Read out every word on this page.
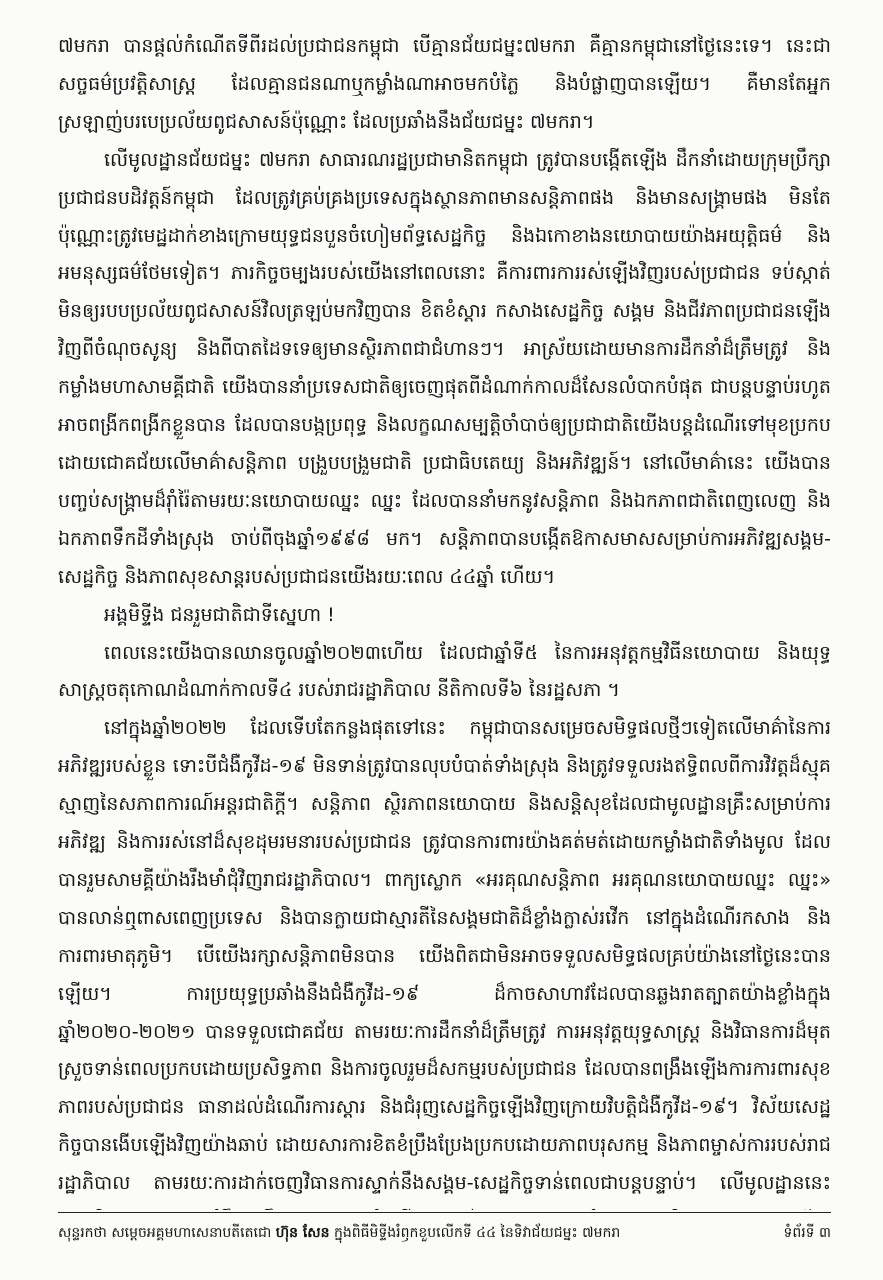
៧មករា បានផ្តល់កំណើតទីពីរដល់ប្រជាជនកម្ពុជា បើគ្មានជ័យជម្នះ៧មករា គឺគ្មានកម្ពុជានៅថ្ងៃនេះទេ។ នេះជាសច្ចធម៌ប្រវត្តិសាស្ត្រ ដែលគ្មានជនណាឬកម្លាំងណាអាចមកបំភ្លៃ និងបំផ្លាញបានឡើយ។ គឺមានតែអ្នកស្រឡាញ់បរបេប្រល័យពូជសាសន៍ប៉ុណ្ណោះ ដែលប្រឆាំងនឹងជ័យជម្នះ ៧មករា។

លើមូលដ្ឋានជ័យជម្នះ ៧មករា សាធារណរដ្ឋប្រជាមានិតកម្ពុជា ត្រូវបានបង្កើតឡើង ដឹកនាំដោយក្រុមប្រឹក្សាប្រជាជនបដិវត្តន៍កម្ពុជា ដែលត្រូវគ្រប់គ្រងប្រទេសក្នុងស្ថានភាពមានសន្តិភាពផង និងមានសង្គ្រាមផង មិនតែប៉ុណ្ណោះត្រូវមេដ្ឋដាក់ខាងក្រោមយុទ្ធជនបួនចំហៀមព័ទ្ធសេដ្ឋកិច្ច និងឯកោខាងនយោបាយយ៉ាងអយុត្តិធម៌ និងអមនុស្សធម៌ថែមទៀត។ ភារកិច្ចចម្បងរបស់យើងនៅពេលនោះ គឺការពារការរស់ឡើងវិញរបស់ប្រជាជន ទប់ស្កាត់មិនឲ្យរបបប្រល័យពូជសាសន៍វិលត្រឡប់មកវិញបាន ខិតខំស្តារ កសាងសេដ្ឋកិច្ច សង្គម និងជីវភាពប្រជាជនឡើងវិញពីចំណុចសូន្យ និងពីបាតដៃទទេឲ្យមានស្ថិរភាពជាជំហានៗ។ អាស្រ័យដោយមានការដឹកនាំដ៏ត្រឹមត្រូវ និងកម្លាំងមហាសាមគ្គីជាតិ យើងបាននាំប្រទេសជាតិឲ្យចេញផុតពីដំណាក់កាលដ៏សែនលំបាកបំផុត ជាបន្តបន្ទាប់រហូតអាចពង្រីកពង្រីកខ្លួនបាន ដែលបានបង្កប្រពុទ្ធ និងលក្ខណសម្បត្តិចាំបាច់ឲ្យប្រជាជាតិយើងបន្តដំណើរទៅមុខប្រកបដោយជោគជ័យលើមាគ៌ាសន្តិភាព បង្រួបបង្រួមជាតិ ប្រជាធិបតេយ្យ និងអភិវឌ្ឍន៍។ នៅលើមាគ៌ានេះ យើងបានបញ្ចប់សង្គ្រាមដ៏រ៉ាំរ៉ៃតាមរយៈនយោបាយឈ្នះ ឈ្នះ ដែលបាននាំមកនូវសន្តិភាព និងឯកភាពជាតិពេញលេញ និងឯកភាពទឹកដីទាំងស្រុង ចាប់ពីចុងឆ្នាំ១៩៩៨ មក។ សន្តិភាពបានបង្កើតឱកាសមាសសម្រាប់ការអភិវឌ្ឍសង្គម-សេដ្ឋកិច្ច និងភាពសុខសាន្តរបស់ប្រជាជនយើងរយៈពេល ៤៤ឆ្នាំ ហើយ។

អង្គមិទ្ទីង ជនរួមជាតិជាទីស្នេហា !

ពេលនេះយើងបានឈានចូលឆ្នាំ២០២៣ហើយ ដែលជាឆ្នាំទី៥ នៃការអនុវត្តកម្មវិធីនយោបាយ និងយុទ្ធសាស្ត្រចតុកោណដំណាក់កាលទី៤ របស់រាជរដ្ឋាភិបាល នីតិកាលទី៦ នៃរដ្ឋសភា ។

នៅក្នុងឆ្នាំ២០២២ ដែលទើបតែកន្លងផុតទៅនេះ កម្ពុជាបានសម្រេចសមិទ្ធផលថ្មីៗទៀតលើមាគ៌ានៃការអភិវឌ្ឍរបស់ខ្លួន ទោះបីជំងឺកូវីដ-១៩ មិនទាន់ត្រូវបានលុបបំបាត់ទាំងស្រុង និងត្រូវទទួលរងឥទ្ធិពលពីការវិវត្តដ៏ស្មុគស្មាញនៃសភាពការណ៍អន្តរជាតិក្តី។ សន្តិភាព ស្ថិរភាពនយោបាយ និងសន្តិសុខដែលជាមូលដ្ឋានគ្រឹះសម្រាប់ការអភិវឌ្ឍ និងការរស់នៅដ៏សុខដុមរមនារបស់ប្រជាជន ត្រូវបានការពារយ៉ាងគត់មត់ដោយកម្លាំងជាតិទាំងមូល ដែលបានរួមសាមគ្គីយ៉ាងរឹងមាំជុំវិញរាជរដ្ឋាភិបាល។ ពាក្យស្លោក «អរគុណសន្តិភាព អរគុណនយោបាយឈ្នះ ឈ្នះ» បានលាន់ឮពាសពេញប្រទេស និងបានក្លាយជាស្មារតីនៃសង្គមជាតិដ៏ខ្លាំងក្លាស់រវើក នៅក្នុងដំណើរកសាង និងការពារមាតុភូមិ។ បើយើងរក្សាសន្តិភាពមិនបាន យើងពិតជាមិនអាចទទួលសមិទ្ធផលគ្រប់យ៉ាងនៅថ្ងៃនេះបានឡើយ។ ការប្រយុទ្ធប្រឆាំងនឹងជំងឺកូវីដ-១៩ ដ៏កាចសាហាវដែលបានឆ្លងរាតត្បាតយ៉ាងខ្លាំងក្នុងឆ្នាំ២០២០-២០២១ បានទទួលជោគជ័យ តាមរយៈការដឹកនាំដ៏ត្រឹមត្រូវ ការអនុវត្តយុទ្ធសាស្ត្រ និងវិធានការដ៏មុតស្រួចទាន់ពេលប្រកបដោយប្រសិទ្ធភាព និងការចូលរួមដ៏សកម្មរបស់ប្រជាជន ដែលបានពង្រឹងឡើងការការពារសុខភាពរបស់ប្រជាជន ធានាដល់ដំណើរការស្តារ និងជំរុញសេដ្ឋកិច្ចឡើងវិញក្រោយវិបត្តិជំងឺកូវីដ-១៩។ វិស័យសេដ្ឋកិច្ចបានងើបឡើងវិញយ៉ាងឆាប់ ដោយសារការខិតខំប្រឹងប្រែងប្រកបដោយភាពបរុសកម្ម និងភាពម្ចាស់ការរបស់រាជរដ្ឋាភិបាល តាមរយៈការដាក់ចេញវិធានការស្ទាក់នឹងសង្គម-សេដ្ឋកិច្ចទាន់ពេលជាបន្តបន្ទាប់។ លើមូលដ្ឋាននេះ

សុន្ទរកថា សម្តេចអគ្គមហាសេនាបតីតេជោ ហ៊ុន សែន ក្នុងពិធីមិទ្ទីងរំឭកខួបលើកទី ៤៤ នៃទិវាជ័យជម្នះ ៧មករា	ទំព័រទី ៣
